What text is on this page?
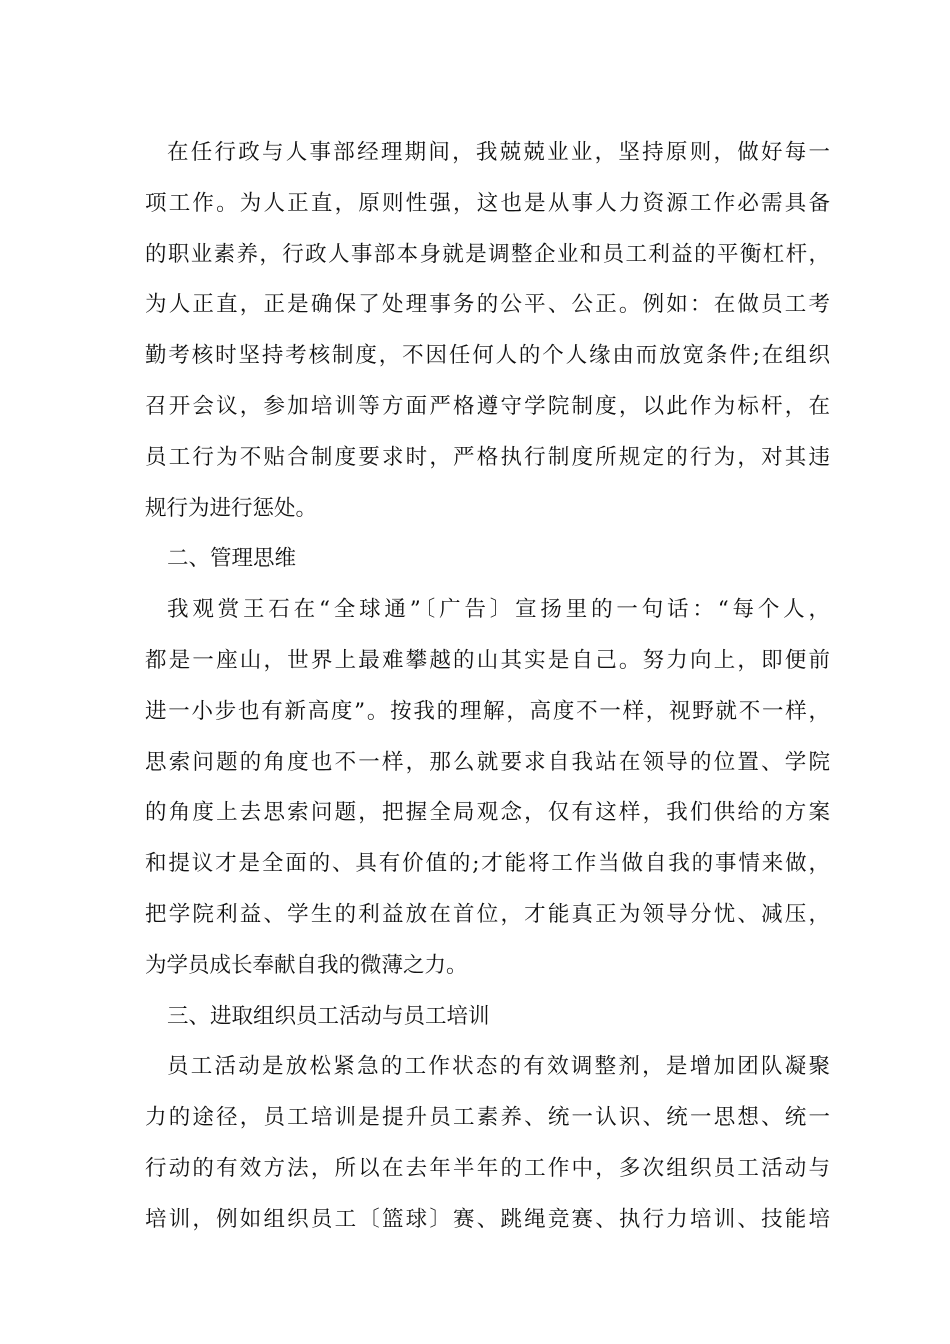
在任行政与人事部经理期间，我兢兢业业，坚持原则，做好每一
项工作。为人正直，原则性强，这也是从事人力资源工作必需具备
的职业素养，行政人事部本身就是调整企业和员工利益的平衡杠杆，
为人正直，正是确保了处理事务的公平、公正。例如：在做员工考
勤考核时坚持考核制度，不因任何人的个人缘由而放宽条件;在组织
召开会议，参加培训等方面严格遵守学院制度，以此作为标杆，在
员工行为不贴合制度要求时，严格执行制度所规定的行为，对其违
规行为进行惩处。
二、管理思维
我观赏王石在“全球通”〔广告〕宣扬里的一句话：“每个人，
都是一座山，世界上最难攀越的山其实是自己。努力向上，即便前
进一小步也有新高度”。按我的理解，高度不一样，视野就不一样，
思索问题的角度也不一样，那么就要求自我站在领导的位置、学院
的角度上去思索问题，把握全局观念，仅有这样，我们供给的方案
和提议才是全面的、具有价值的;才能将工作当做自我的事情来做，
把学院利益、学生的利益放在首位，才能真正为领导分忧、减压，
为学员成长奉献自我的微薄之力。
三、进取组织员工活动与员工培训
员工活动是放松紧急的工作状态的有效调整剂，是增加团队凝聚
力的途径，员工培训是提升员工素养、统一认识、统一思想、统一
行动的有效方法，所以在去年半年的工作中，多次组织员工活动与
培训，例如组织员工〔篮球〕赛、跳绳竞赛、执行力培训、技能培
